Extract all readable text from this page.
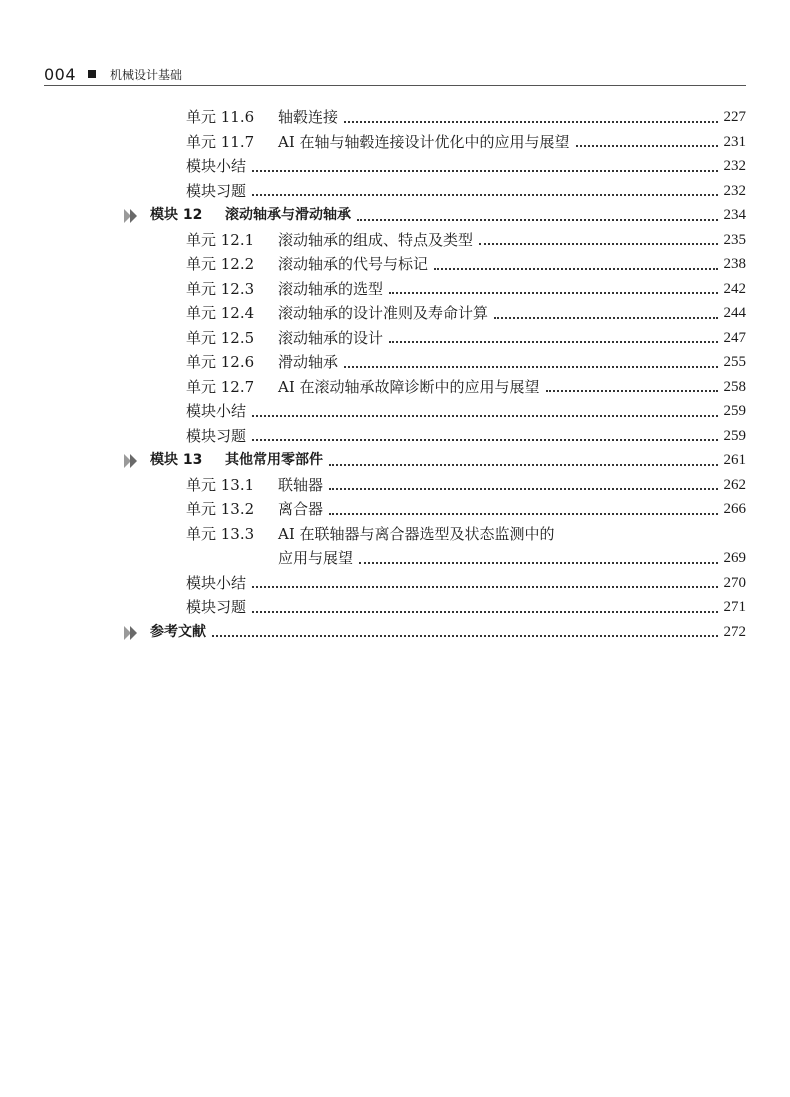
004	机械设计基础
单元 11.6 轴毂连接	227
单元 11.7 AI 在轴与轴毂连接设计优化中的应用与展望	231
模块小结	232
模块习题	232
模块 12 滚动轴承与滑动轴承	234
单元 12.1 滚动轴承的组成、特点及类型	235
单元 12.2 滚动轴承的代号与标记	238
单元 12.3 滚动轴承的选型	242
单元 12.4 滚动轴承的设计准则及寿命计算	244
单元 12.5 滚动轴承的设计	247
单元 12.6 滑动轴承	255
单元 12.7 AI 在滚动轴承故障诊断中的应用与展望	258
模块小结	259
模块习题	259
模块 13 其他常用零部件	261
单元 13.1 联轴器	262
单元 13.2 离合器	266
单元 13.3 AI 在联轴器与离合器选型及状态监测中的
应用与展望	269
模块小结	270
模块习题	271
参考文献	272
